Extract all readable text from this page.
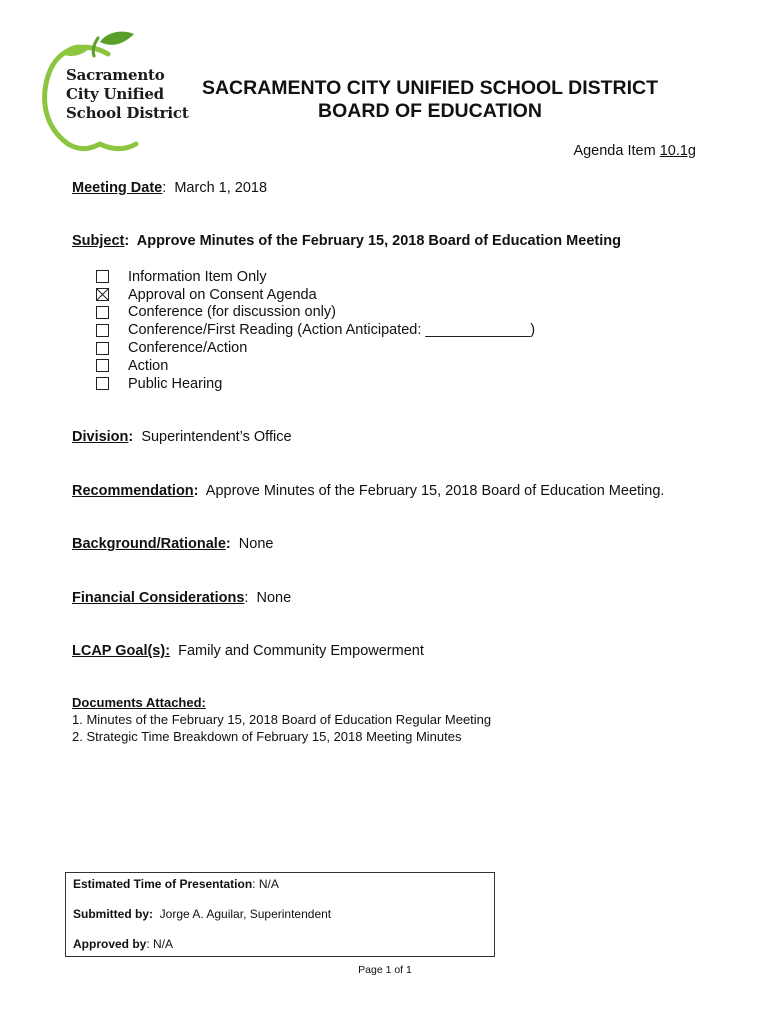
Sacramento
City Unified
School District
SACRAMENTO CITY UNIFIED SCHOOL DISTRICT
BOARD OF EDUCATION
Agenda Item 10.1g
Meeting Date:  March 1, 2018
Subject:  Approve Minutes of the February 15, 2018 Board of Education Meeting
Information Item Only
Approval on Consent Agenda
Conference (for discussion only)
Conference/First Reading (Action Anticipated: _____________)
Conference/Action
Action
Public Hearing
Division: Superintendent’s Office
Recommendation: Approve Minutes of the February 15, 2018 Board of Education Meeting.
Background/Rationale: None
Financial Considerations:  None
LCAP Goal(s): Family and Community Empowerment
Documents Attached:
1. Minutes of the February 15, 2018 Board of Education Regular Meeting
2. Strategic Time Breakdown of February 15, 2018 Meeting Minutes
Estimated Time of Presentation: N/A
Submitted by: Jorge A. Aguilar, Superintendent
Approved by: N/A
Page 1 of 1
